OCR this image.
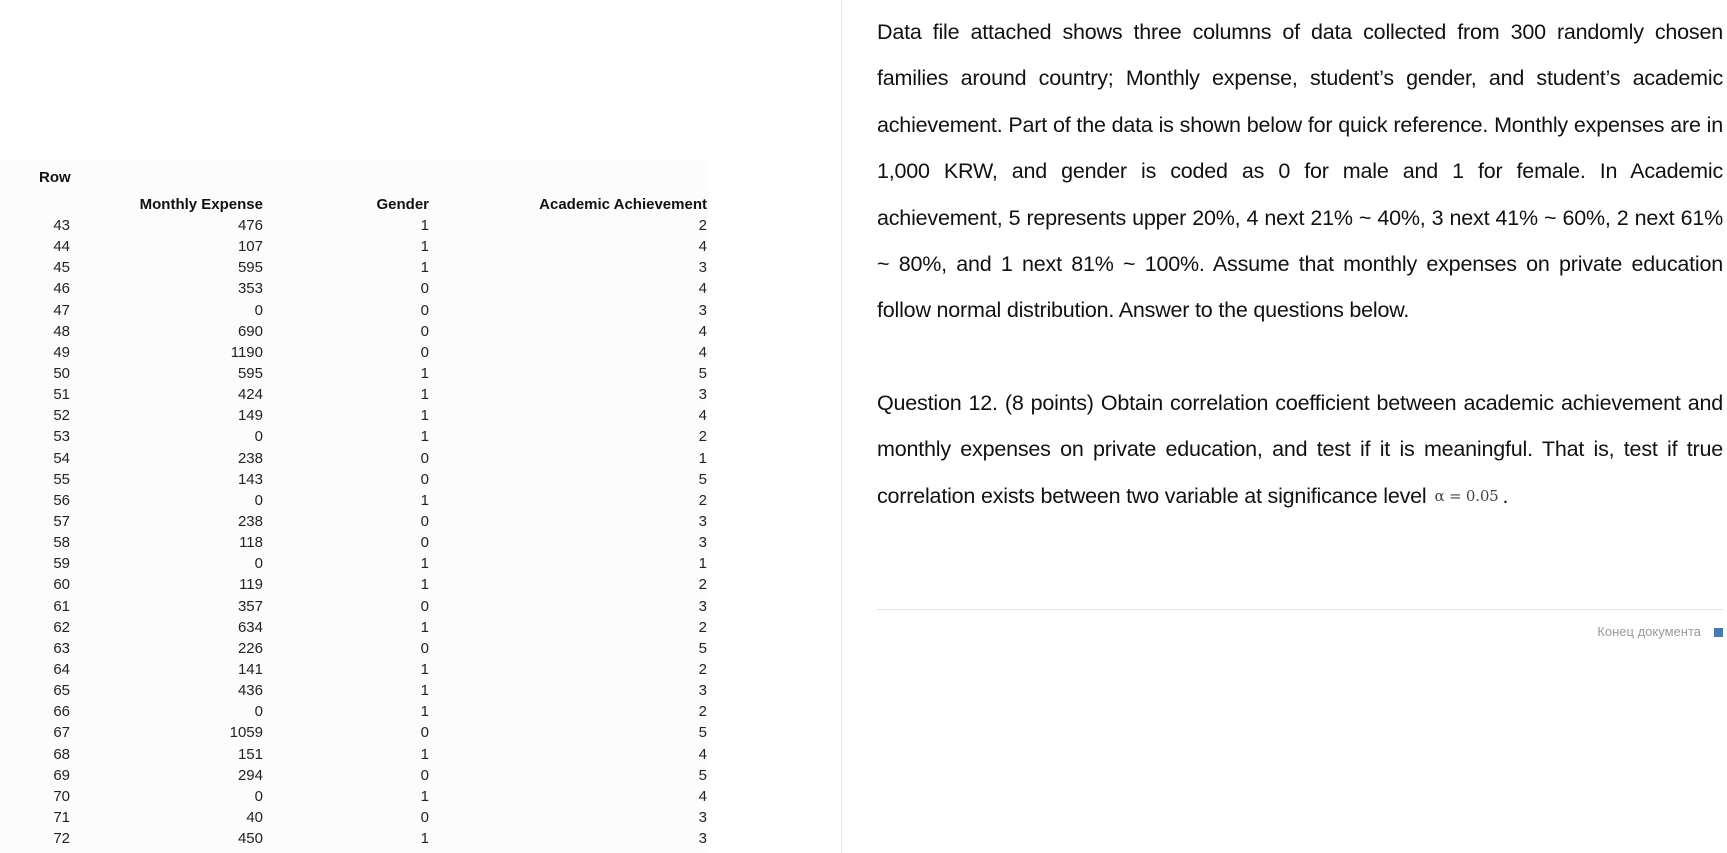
Row
Monthly Expense	Gender	Academic Achievement
43	476	1	2
44	107	1	4
45	595	1	3
46	353	0	4
47	0	0	3
48	690	0	4
49	1190	0	4
50	595	1	5
51	424	1	3
52	149	1	4
53	0	1	2
54	238	0	1
55	143	0	5
56	0	1	2
57	238	0	3
58	118	0	3
59	0	1	1
60	119	1	2
61	357	0	3
62	634	1	2
63	226	0	5
64	141	1	2
65	436	1	3
66	0	1	2
67	1059	0	5
68	151	1	4
69	294	0	5
70	0	1	4
71	40	0	3
72	450	1	3

Data file attached shows three columns of data collected from 300 randomly chosen families around country; Monthly expense, student’s gender, and student’s academic achievement. Part of the data is shown below for quick reference. Monthly expenses are in 1,000 KRW, and gender is coded as 0 for male and 1 for female. In Academic achievement, 5 represents upper 20%, 4 next 21% ~ 40%, 3 next 41% ~ 60%, 2 next 61% ~ 80%, and 1 next 81% ~ 100%. Assume that monthly expenses on private education follow normal distribution. Answer to the questions below.

Question 12. (8 points) Obtain correlation coefficient between academic achievement and monthly expenses on private education, and test if it is meaningful. That is, test if true correlation exists between two variable at significance level α = 0.05 .

Конец документа
